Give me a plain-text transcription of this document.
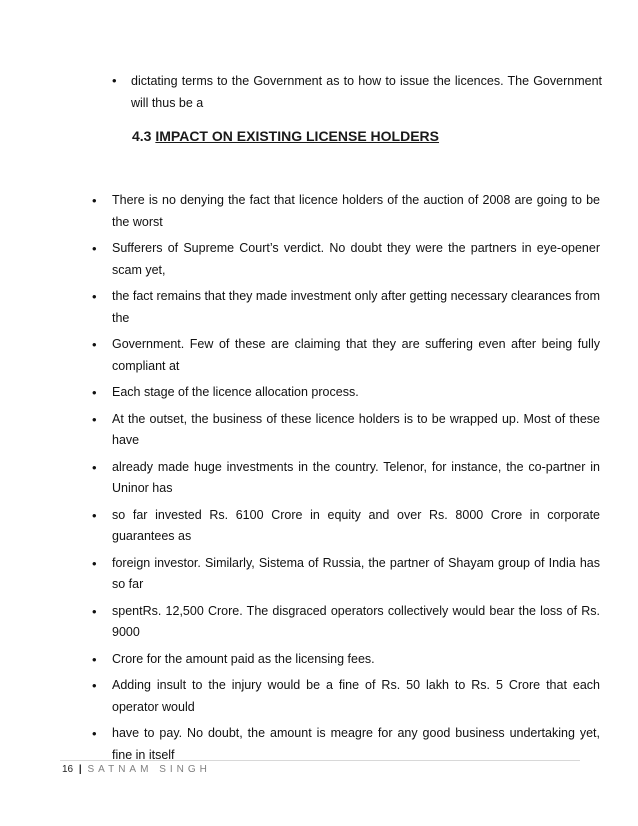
• dictating terms to the Government as to how to issue the licences. The Government will thus be a
4.3 IMPACT ON EXISTING LICENSE HOLDERS
• There is no denying the fact that licence holders of the auction of 2008 are going to be the worst
• Sufferers of Supreme Court’s verdict. No doubt they were the partners in eye-opener scam yet,
• the fact remains that they made investment only after getting necessary clearances from the
• Government. Few of these are claiming that they are suffering even after being fully compliant at
• Each stage of the licence allocation process.
• At the outset, the business of these licence holders is to be wrapped up. Most of these have
• already made huge investments in the country. Telenor, for instance, the co-partner in Uninor has
• so far invested Rs. 6100 Crore in equity and over Rs. 8000 Crore in corporate guarantees as
• foreign investor. Similarly, Sistema of Russia, the partner of Shayam group of India has so far
• spentRs. 12,500 Crore. The disgraced operators collectively would bear the loss of Rs. 9000
• Crore for the amount paid as the licensing fees.
• Adding insult to the injury would be a fine of Rs. 50 lakh to Rs. 5 Crore that each operator would
• have to pay. No doubt, the amount is meagre for any good business undertaking yet, fine in itself
16 | SATNAM SINGH
